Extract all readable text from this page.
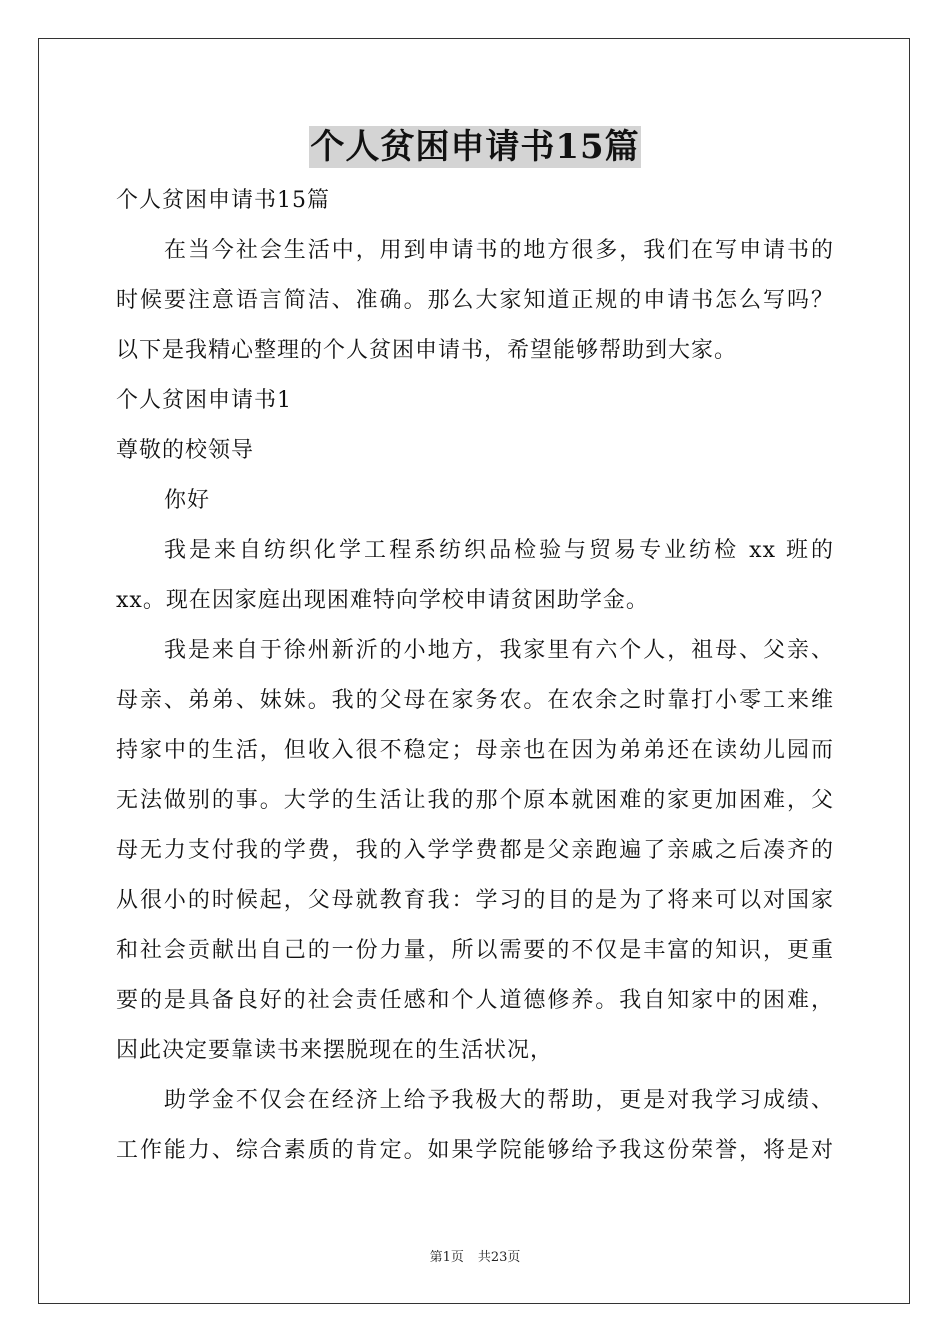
个人贫困申请书15篇
个人贫困申请书15篇
在当今社会生活中，用到申请书的地方很多，我们在写申请书的
时候要注意语言简洁、准确。那么大家知道正规的申请书怎么写吗？
以下是我精心整理的个人贫困申请书，希望能够帮助到大家。
个人贫困申请书1
尊敬的校领导
你好
我是来自纺织化学工程系纺织品检验与贸易专业纺检 xx 班的
xx。现在因家庭出现困难特向学校申请贫困助学金。
我是来自于徐州新沂的小地方，我家里有六个人，祖母、父亲、
母亲、弟弟、妹妹。我的父母在家务农。在农余之时靠打小零工来维
持家中的生活，但收入很不稳定；母亲也在因为弟弟还在读幼儿园而
无法做别的事。大学的生活让我的那个原本就困难的家更加困难，父
母无力支付我的学费，我的入学学费都是父亲跑遍了亲戚之后凑齐的
从很小的时候起，父母就教育我：学习的目的是为了将来可以对国家
和社会贡献出自己的一份力量，所以需要的不仅是丰富的知识，更重
要的是具备良好的社会责任感和个人道德修养。我自知家中的困难，
因此决定要靠读书来摆脱现在的生活状况，
助学金不仅会在经济上给予我极大的帮助，更是对我学习成绩、
工作能力、综合素质的肯定。如果学院能够给予我这份荣誉，将是对
第1页 共23页
